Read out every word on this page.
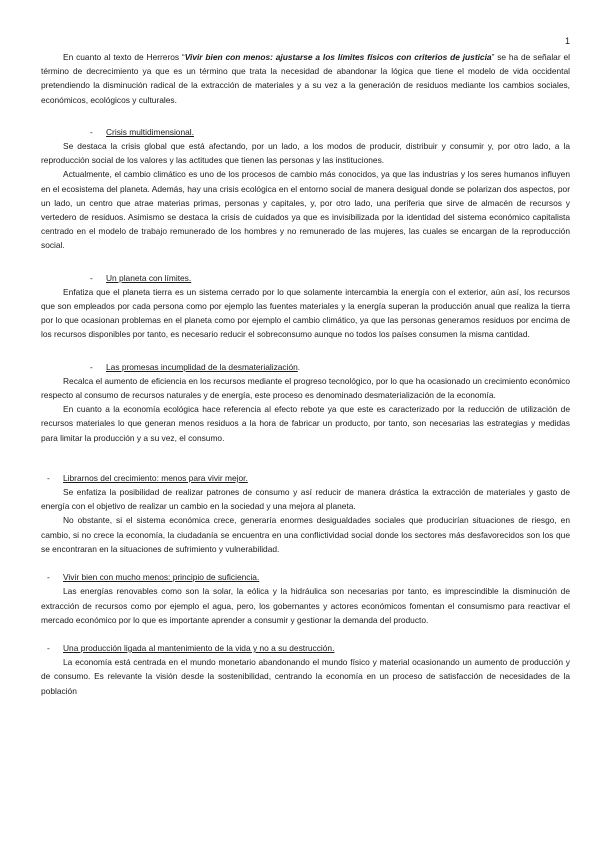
1

En cuanto al texto de Herreros “Vivir bien con menos: ajustarse a los límites físicos con criterios de justicia” se ha de señalar el término de decrecimiento ya que es un término que trata la necesidad de abandonar la lógica que tiene el modelo de vida occidental pretendiendo la disminución radical de la extracción de materiales y a su vez a la generación de residuos mediante los cambios sociales, económicos, ecológicos y culturales.

- Crisis multidimensional.

Se destaca la crisis global que está afectando, por un lado, a los modos de producir, distribuir y consumir y, por otro lado, a la reproducción social de los valores y las actitudes que tienen las personas y las instituciones.

Actualmente, el cambio climático es uno de los procesos de cambio más conocidos, ya que las industrias y los seres humanos influyen en el ecosistema del planeta. Además, hay una crisis ecológica en el entorno social de manera desigual donde se polarizan dos aspectos, por un lado, un centro que atrae materias primas, personas y capitales, y, por otro lado, una periferia que sirve de almacén de recursos y vertedero de residuos. Asimismo se destaca la crisis de cuidados ya que es invisibilizada por la identidad del sistema económico capitalista centrado en el modelo de trabajo remunerado de los hombres y no remunerado de las mujeres, las cuales se encargan de la reproducción social.

- Un planeta con límites.

Enfatiza que el planeta tierra es un sistema cerrado por lo que solamente intercambia la energía con el exterior, aún así, los recursos que son empleados por cada persona como por ejemplo las fuentes materiales y la energía superan la producción anual que realiza la tierra por lo que ocasionan problemas en el planeta como por ejemplo el cambio climático, ya que las personas generamos residuos por encima de los recursos disponibles por tanto, es necesario reducir el sobreconsumo aunque no todos los países consumen la misma cantidad.

- Las promesas incumplidad de la desmaterialización.

Recalca el aumento de eficiencia en los recursos mediante el progreso tecnológico, por lo que ha ocasionado un crecimiento económico respecto al consumo de recursos naturales y de energía, este proceso es denominado desmaterialización de la economía.

En cuanto a la economía ecológica hace referencia al efecto rebote ya que este es caracterizado por la reducción de utilización de recursos materiales lo que generan menos residuos a la hora de fabricar un producto, por tanto, son necesarias las estrategias y medidas para limitar la producción y a su vez, el consumo.

- Librarnos del crecimiento: menos para vivir mejor.

Se enfatiza la posibilidad de realizar patrones de consumo y así reducir de manera drástica la extracción de materiales y gasto de energía con el objetivo de realizar un cambio en la sociedad y una mejora al planeta.

No obstante, si el sistema económica crece, generaría enormes desigualdades sociales que producirían situaciones de riesgo, en cambio, si no crece la economía, la ciudadanía se encuentra en una conflictividad social donde los sectores más desfavorecidos son los que se encontraran en la situaciones de sufrimiento y vulnerabilidad.

- Vivir bien con mucho menos: principio de suficiencia.

Las energías renovables como son la solar, la eólica y la hidráulica son necesarias por tanto, es imprescindible la disminución de extracción de recursos como por ejemplo el agua, pero, los gobernantes y actores económicos fomentan el consumismo para reactivar el mercado económico por lo que es importante aprender a consumir y gestionar la demanda del producto.

- Una producción ligada al mantenimiento de la vida y no a su destrucción.

La economía está centrada en el mundo monetario abandonando el mundo físico y material ocasionando un aumento de producción y de consumo. Es relevante la visión desde la sostenibilidad, centrando la economía en un proceso de satisfacción de necesidades de la población
